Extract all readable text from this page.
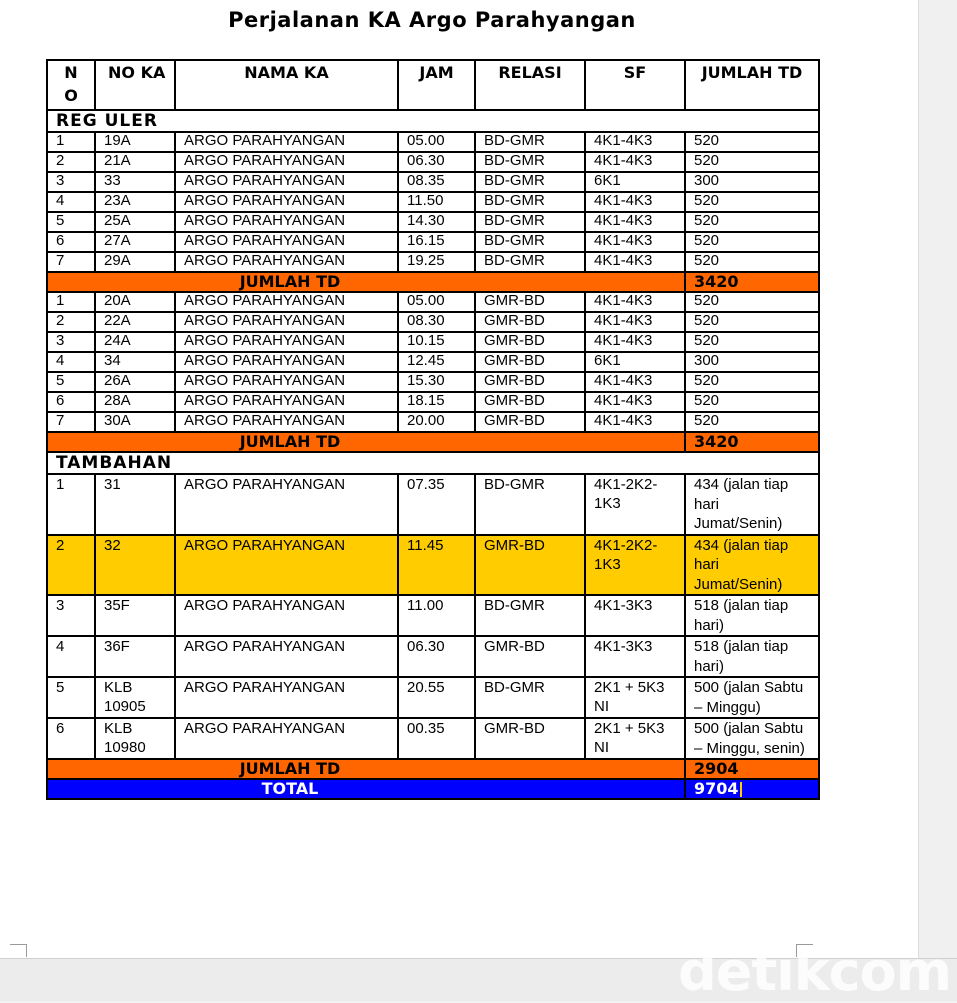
Perjalanan KA Argo Parahyangan
N O	NO KA	NAMA KA	JAM	RELASI	SF	JUMLAH TD
REG ULER						
1	19A	ARGO PARAHYANGAN	05.00	BD-GMR	4K1-4K3	520
2	21A	ARGO PARAHYANGAN	06.30	BD-GMR	4K1-4K3	520
3	33	ARGO PARAHYANGAN	08.35	BD-GMR	6K1	300
4	23A	ARGO PARAHYANGAN	11.50	BD-GMR	4K1-4K3	520
5	25A	ARGO PARAHYANGAN	14.30	BD-GMR	4K1-4K3	520
6	27A	ARGO PARAHYANGAN	16.15	BD-GMR	4K1-4K3	520
7	29A	ARGO PARAHYANGAN	19.25	BD-GMR	4K1-4K3	520
JUMLAH TD						3420
1	20A	ARGO PARAHYANGAN	05.00	GMR-BD	4K1-4K3	520
2	22A	ARGO PARAHYANGAN	08.30	GMR-BD	4K1-4K3	520
3	24A	ARGO PARAHYANGAN	10.15	GMR-BD	4K1-4K3	520
4	34	ARGO PARAHYANGAN	12.45	GMR-BD	6K1	300
5	26A	ARGO PARAHYANGAN	15.30	GMR-BD	4K1-4K3	520
6	28A	ARGO PARAHYANGAN	18.15	GMR-BD	4K1-4K3	520
7	30A	ARGO PARAHYANGAN	20.00	GMR-BD	4K1-4K3	520
JUMLAH TD						3420
TAMBAHAN						
1	31	ARGO PARAHYANGAN	07.35	BD-GMR	4K1-2K2-1K3	434 (jalan tiap hari Jumat/Senin)
2	32	ARGO PARAHYANGAN	11.45	GMR-BD	4K1-2K2-1K3	434 (jalan tiap hari Jumat/Senin)
3	35F	ARGO PARAHYANGAN	11.00	BD-GMR	4K1-3K3	518 (jalan tiap hari)
4	36F	ARGO PARAHYANGAN	06.30	GMR-BD	4K1-3K3	518 (jalan tiap hari)
5	KLB 10905	ARGO PARAHYANGAN	20.55	BD-GMR	2K1 + 5K3 NI	500 (jalan Sabtu – Minggu)
6	KLB 10980	ARGO PARAHYANGAN	00.35	GMR-BD	2K1 + 5K3 NI	500 (jalan Sabtu – Minggu, senin)
JUMLAH TD						2904
TOTAL						9704
detikcom
